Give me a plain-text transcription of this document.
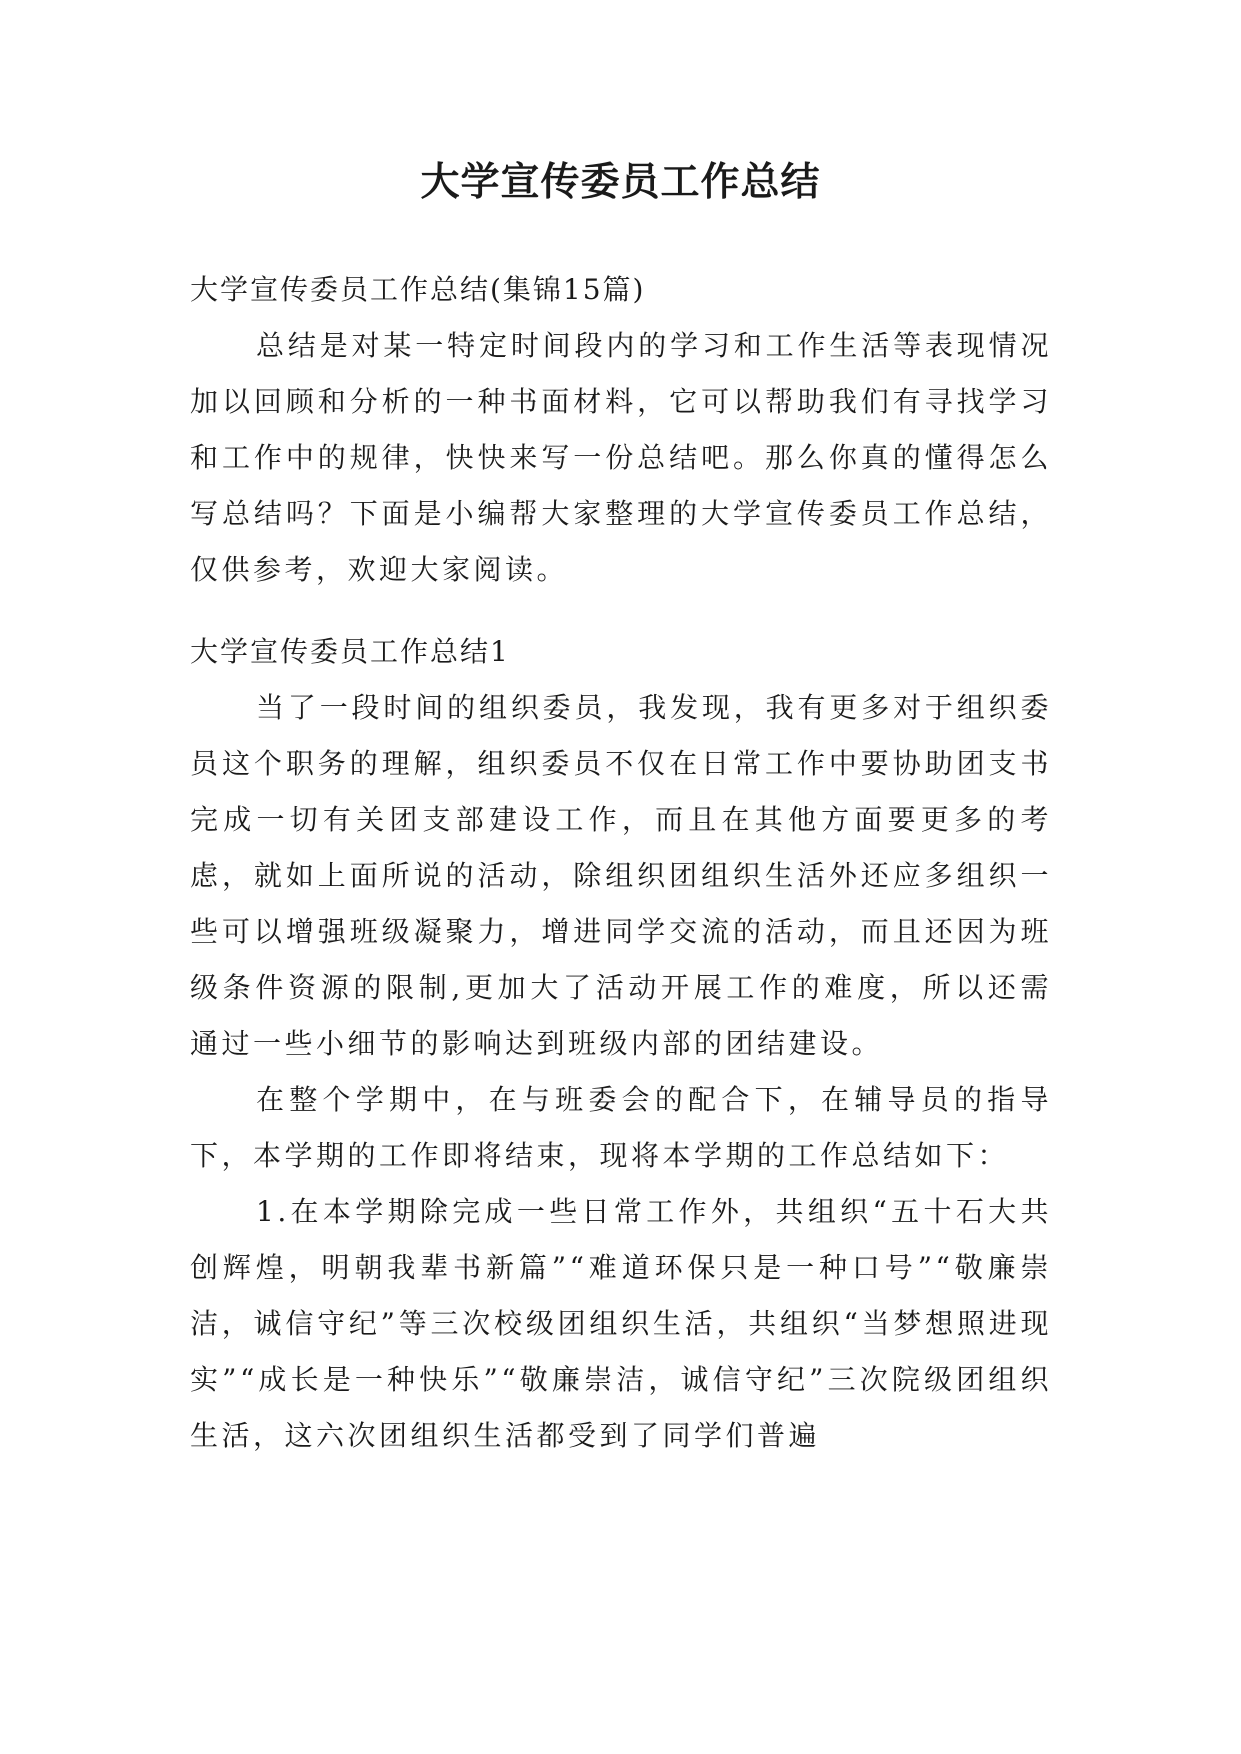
大学宣传委员工作总结

大学宣传委员工作总结(集锦15篇)

总结是对某一特定时间段内的学习和工作生活等表现情况加以回顾和分析的一种书面材料，它可以帮助我们有寻找学习和工作中的规律，快快来写一份总结吧。那么你真的懂得怎么写总结吗？下面是小编帮大家整理的大学宣传委员工作总结，仅供参考，欢迎大家阅读。

大学宣传委员工作总结1

当了一段时间的组织委员，我发现，我有更多对于组织委员这个职务的理解，组织委员不仅在日常工作中要协助团支书完成一切有关团支部建设工作，而且在其他方面要更多的考虑，就如上面所说的活动，除组织团组织生活外还应多组织一些可以增强班级凝聚力，增进同学交流的活动，而且还因为班级条件资源的限制,更加大了活动开展工作的难度，所以还需通过一些小细节的影响达到班级内部的团结建设。

在整个学期中，在与班委会的配合下，在辅导员的指导下，本学期的工作即将结束，现将本学期的工作总结如下：

1.在本学期除完成一些日常工作外，共组织“五十石大共创辉煌，明朝我辈书新篇”“难道环保只是一种口号”“敬廉崇洁，诚信守纪”等三次校级团组织生活，共组织“当梦想照进现实”“成长是一种快乐”“敬廉崇洁，诚信守纪”三次院级团组织生活，这六次团组织生活都受到了同学们普遍
